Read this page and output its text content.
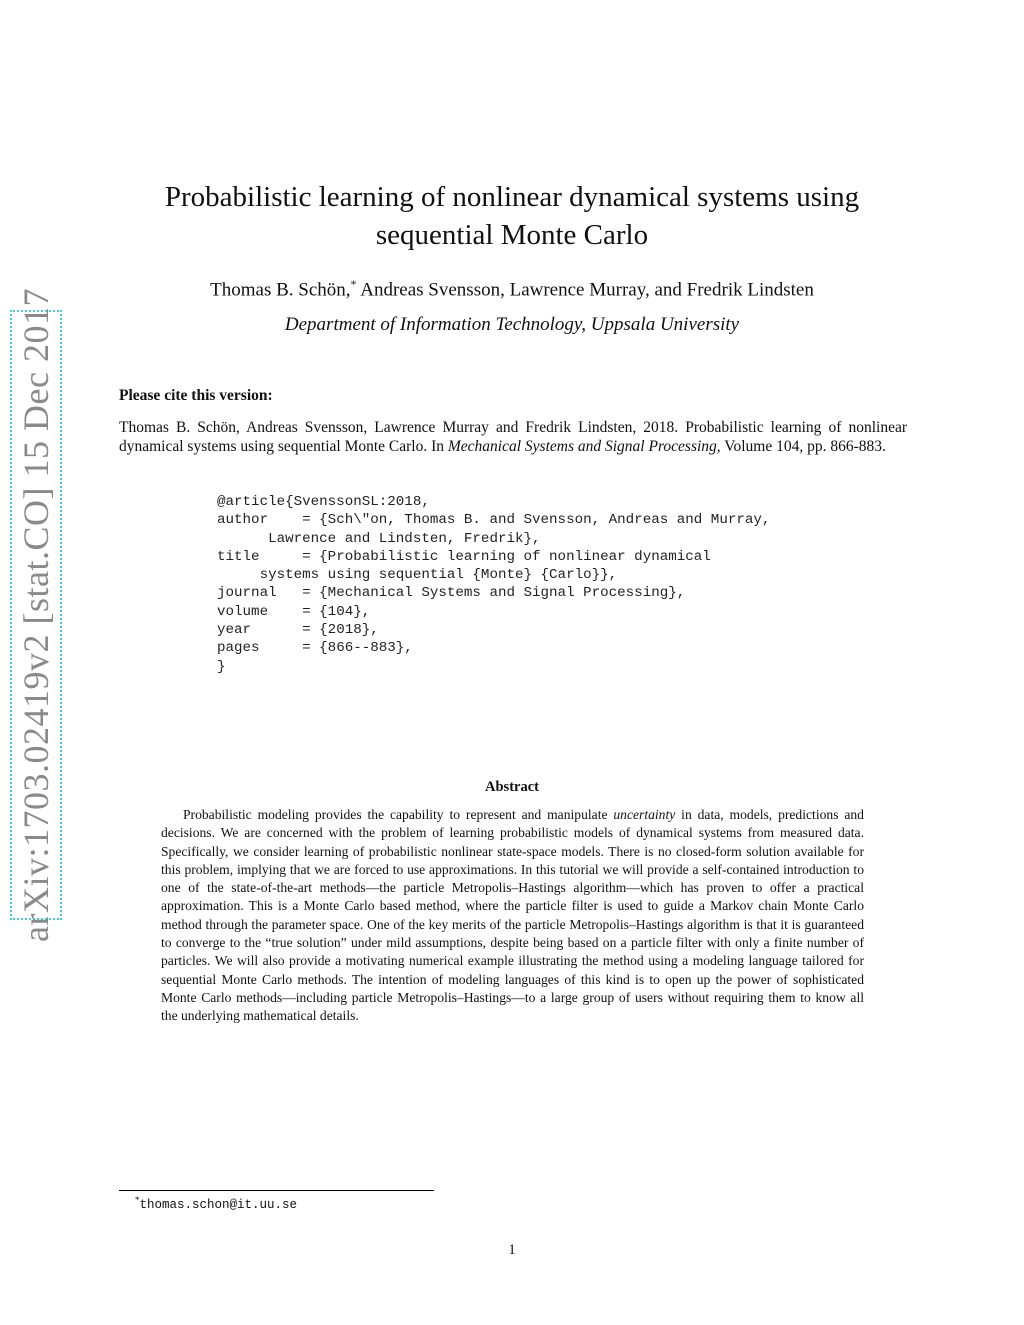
arXiv:1703.02419v2 [stat.CO] 15 Dec 2017
Probabilistic learning of nonlinear dynamical systems using sequential Monte Carlo
Thomas B. Schön,* Andreas Svensson, Lawrence Murray, and Fredrik Lindsten
Department of Information Technology, Uppsala University
Please cite this version:
Thomas B. Schön, Andreas Svensson, Lawrence Murray and Fredrik Lindsten, 2018. Probabilistic learning of nonlinear dynamical systems using sequential Monte Carlo. In Mechanical Systems and Signal Processing, Volume 104, pp. 866-883.
@article{SvenssonSL:2018,
author    = {Sch\"on, Thomas B. and Svensson, Andreas and Murray,
Lawrence and Lindsten, Fredrik},
title     = {Probabilistic learning of nonlinear dynamical
systems using sequential {Monte} {Carlo}},
journal   = {Mechanical Systems and Signal Processing},
volume    = {104},
year      = {2018},
pages     = {866--883},
}
Abstract

Probabilistic modeling provides the capability to represent and manipulate uncertainty in data, models, predictions and decisions. We are concerned with the problem of learning probabilistic models of dynamical systems from measured data. Specifically, we consider learning of probabilistic nonlinear state-space models. There is no closed-form solution available for this problem, implying that we are forced to use approximations. In this tutorial we will provide a self-contained introduction to one of the state-of-the-art methods—the particle Metropolis–Hastings algorithm—which has proven to offer a practical approximation. This is a Monte Carlo based method, where the particle filter is used to guide a Markov chain Monte Carlo method through the parameter space. One of the key merits of the particle Metropolis–Hastings algorithm is that it is guaranteed to converge to the “true solution” under mild assumptions, despite being based on a particle filter with only a finite number of particles. We will also provide a motivating numerical example illustrating the method using a modeling language tailored for sequential Monte Carlo methods. The intention of modeling languages of this kind is to open up the power of sophisticated Monte Carlo methods—including particle Metropolis–Hastings—to a large group of users without requiring them to know all the underlying mathematical details.

*thomas.schon@it.uu.se
1
